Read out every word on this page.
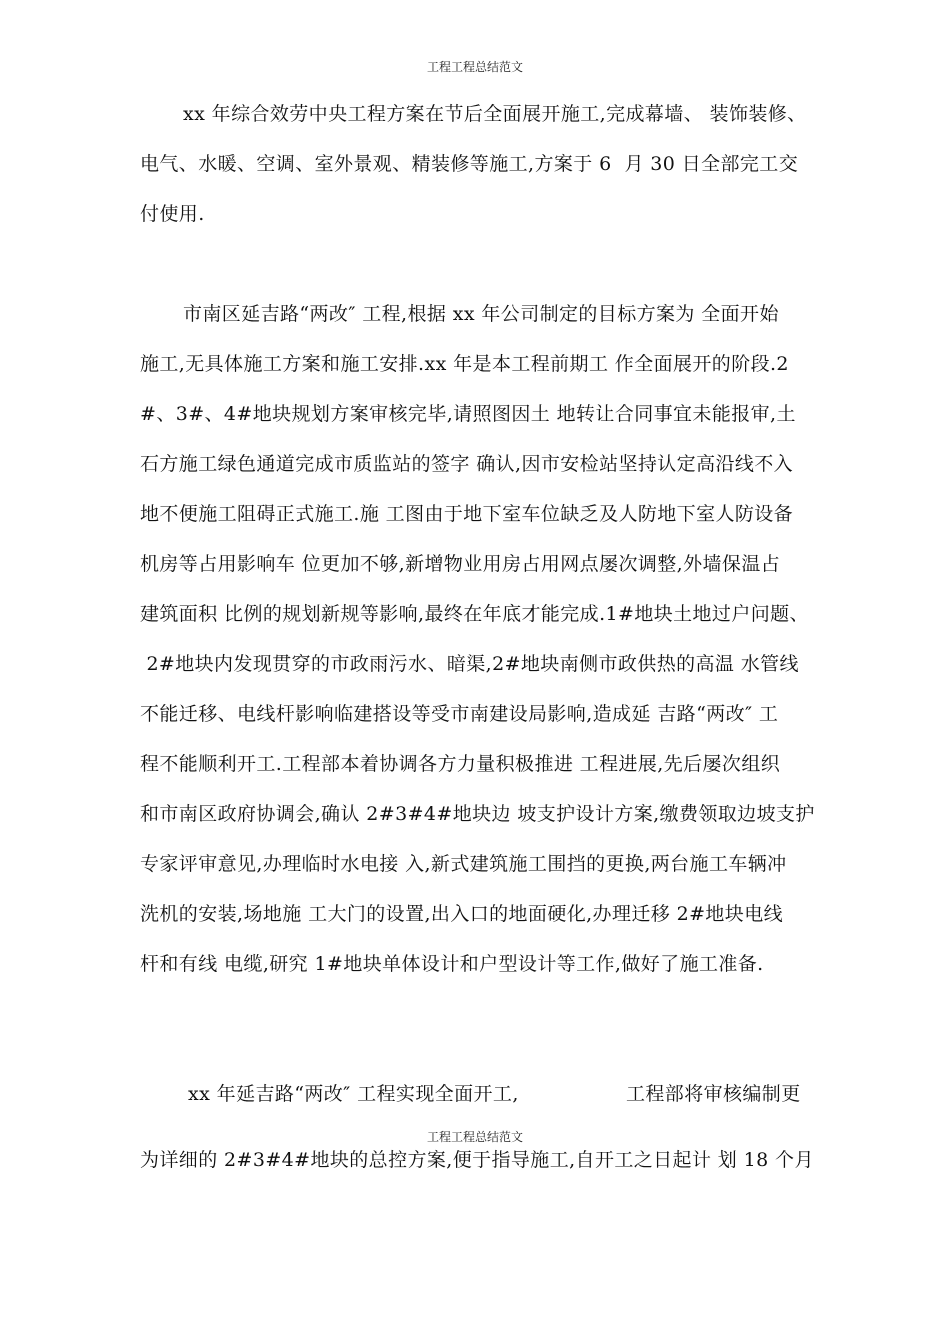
工程工程总结范文
xx 年综合效劳中央工程方案在节后全面展开施工,完成幕墙、 装饰装修、
电气、水暖、空调、室外景观、精装修等施工,方案于 6  月 30 日全部完工交
付使用.
市南区延吉路“两改″ 工程,根据 xx 年公司制定的目标方案为 全面开始
施工,无具体施工方案和施工安排.xx 年是本工程前期工 作全面展开的阶段.2
#、3#、4#地块规划方案审核完毕,请照图因土 地转让合同事宜未能报审,土
石方施工绿色通道完成市质监站的签字 确认,因市安检站坚持认定高沿线不入
地不便施工阻碍正式施工.施 工图由于地下室车位缺乏及人防地下室人防设备
机房等占用影响车 位更加不够,新增物业用房占用网点屡次调整,外墙保温占
建筑面积 比例的规划新规等影响,最终在年底才能完成.1#地块土地过户问题、
2#地块内发现贯穿的市政雨污水、暗渠,2#地块南侧市政供热的高温 水管线
不能迁移、电线杆影响临建搭设等受市南建设局影响,造成延 吉路“两改″ 工
程不能顺利开工.工程部本着协调各方力量积极推进 工程进展,先后屡次组织
和市南区政府协调会,确认 2#3#4#地块边 坡支护设计方案,缴费领取边坡支护
专家评审意见,办理临时水电接 入,新式建筑施工围挡的更换,两台施工车辆冲
洗机的安装,场地施 工大门的设置,出入口的地面硬化,办理迁移 2#地块电线
杆和有线 电缆,研究 1#地块单体设计和户型设计等工作,做好了施工准备.
xx 年延吉路“两改″ 工程实现全面开工,	工程部将审核编制更
工程工程总结范文
为详细的 2#3#4#地块的总控方案,便于指导施工,自开工之日起计 划 18 个月
